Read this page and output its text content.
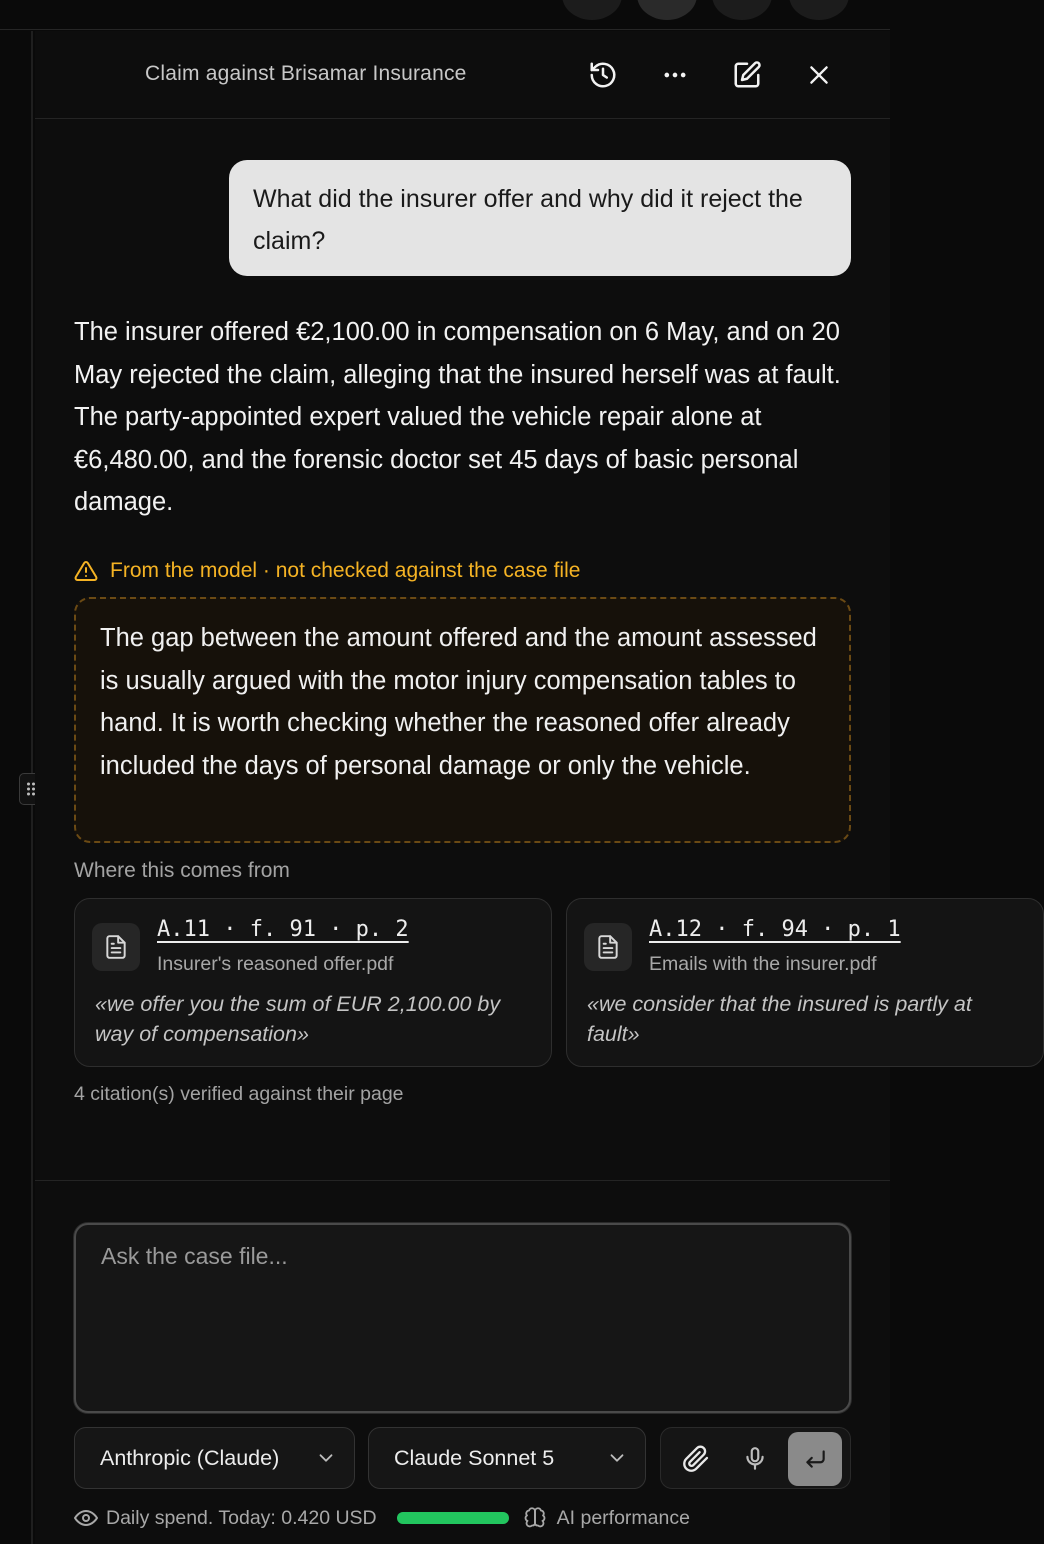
Claim against Brisamar Insurance
What did the insurer offer and why did it reject the claim?
The insurer offered €2,100.00 in compensation on 6 May, and on 20 May rejected the claim, alleging that the insured herself was at fault. The party-appointed expert valued the vehicle repair alone at €6,480.00, and the forensic doctor set 45 days of basic personal damage.
From the model · not checked against the case file
The gap between the amount offered and the amount assessed is usually argued with the motor injury compensation tables to hand. It is worth checking whether the reasoned offer already included the days of personal damage or only the vehicle.
Where this comes from
A.11 · f. 91 · p. 2
Insurer's reasoned offer.pdf
«we offer you the sum of EUR 2,100.00 by way of compensation»
A.12 · f. 94 · p. 1
Emails with the insurer.pdf
«we consider that the insured is partly at fault»
4 citation(s) verified against their page
Ask the case file...
Anthropic (Claude)	Claude Sonnet 5
Daily spend. Today: 0.420 USD	AI performance
